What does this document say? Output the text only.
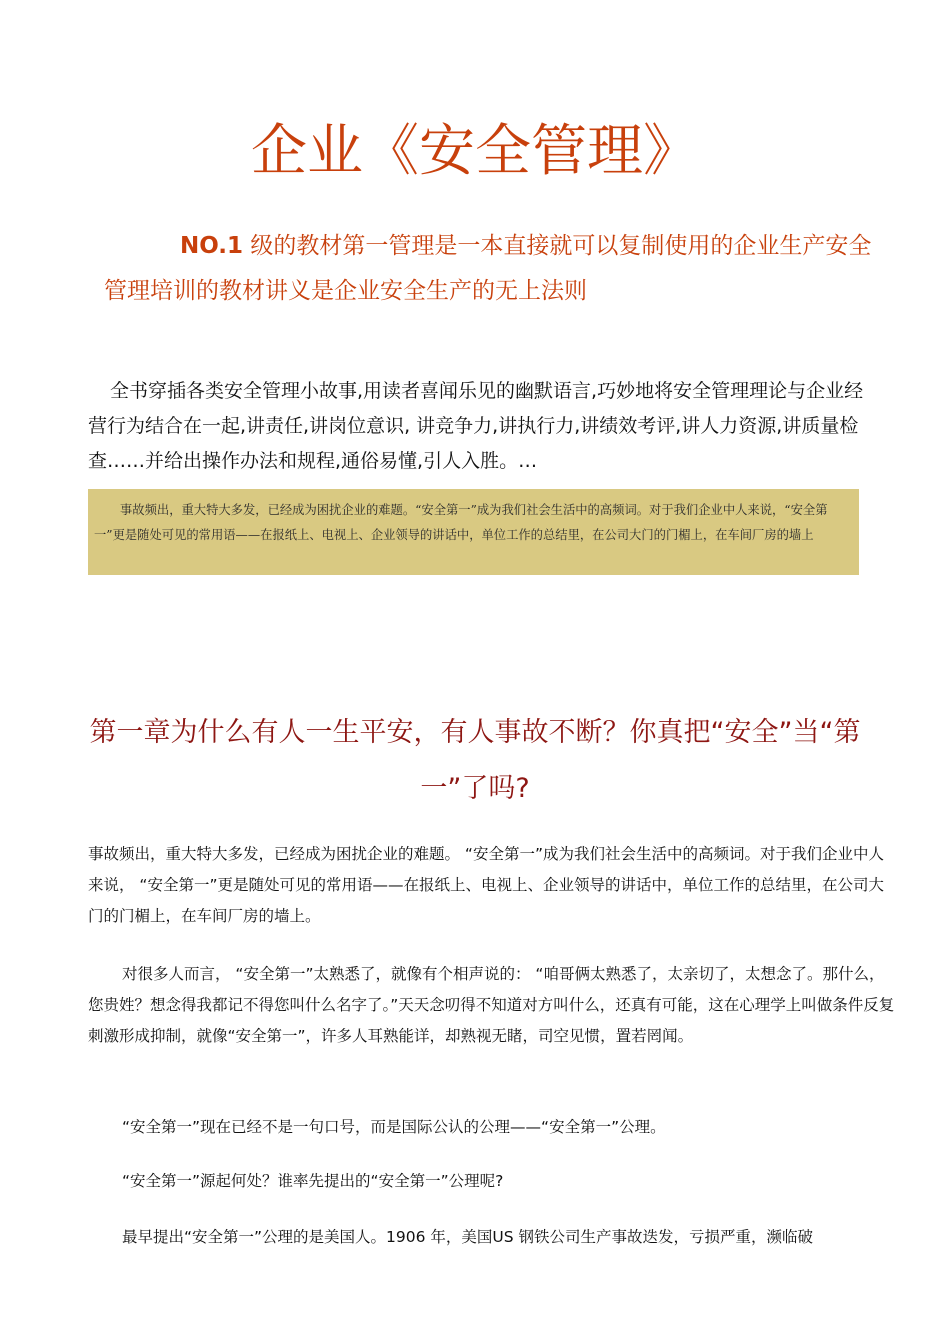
企业《安全管理》

NO.1 级的教材第一管理是一本直接就可以复制使用的企业生产安全管理培训的教材讲义是企业安全生产的无上法则

全书穿插各类安全管理小故事,用读者喜闻乐见的幽默语言,巧妙地将安全管理理论与企业经营行为结合在一起,讲责任,讲岗位意识, 讲竞争力,讲执行力,讲绩效考评,讲人力资源,讲质量检查……并给出操作办法和规程,通俗易懂,引人入胜。…

事故频出，重大特大多发，已经成为困扰企业的难题。“安全第一”成为我们社会生活中的高频词。对于我们企业中人来说，“安全第一”更是随处可见的常用语——在报纸上、电视上、企业领导的讲话中，单位工作的总结里，在公司大门的门楣上，在车间厂房的墙上
第一章为什么有人一生平安，有人事故不断？你真把“安全”当“第一”了吗?

事故频出，重大特大多发，已经成为困扰企业的难题。 “安全第一”成为我们社会生活中的高频词。对于我们企业中人来说， “安全第一”更是随处可见的常用语——在报纸上、电视上、企业领导的讲话中，单位工作的总结里，在公司大门的门楣上，在车间厂房的墙上。

对很多人而言， “安全第一”太熟悉了，就像有个相声说的： “咱哥俩太熟悉了，太亲切了，太想念了。那什么，您贵姓？想念得我都记不得您叫什么名字了。”天天念叨得不知道对方叫什么，还真有可能，这在心理学上叫做条件反复刺激形成抑制，就像“安全第一”，许多人耳熟能详，却熟视无睹，司空见惯，置若罔闻。

“安全第一”现在已经不是一句口号，而是国际公认的公理——“安全第一”公理。

“安全第一”源起何处？谁率先提出的“安全第一”公理呢?

最早提出“安全第一”公理的是美国人。1906 年，美国US 钢铁公司生产事故迭发，亏损严重，濒临破
